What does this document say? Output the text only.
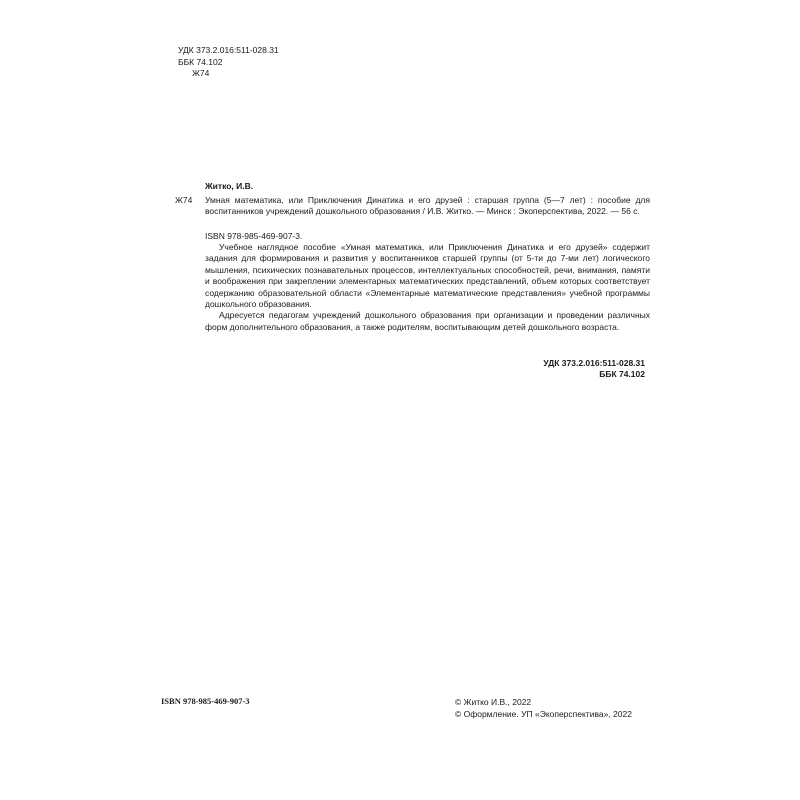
УДК 373.2.016:511-028.31
ББК 74.102
Ж74
Житко, И.В.
Ж74 Умная математика, или Приключения Динатика и его друзей : старшая группа (5—7 лет) : пособие для воспитанников учреждений дошкольного образования / И.В. Житко. — Минск : Экоперспектива, 2022. — 56 с.
ISBN 978-985-469-907-3.

Учебное наглядное пособие «Умная математика, или Приключения Динатика и его друзей» содержит задания для формирования и развития у воспитанников старшей группы (от 5-ти до 7-ми лет) логического мышления, психических познавательных процессов, интеллектуальных способностей, речи, внимания, памяти и воображения при закреплении элементарных математических представлений, объем которых соответствует содержанию образовательной области «Элементарные математические представления» учебной программы дошкольного образования.

Адресуется педагогам учреждений дошкольного образования при организации и проведении различных форм дополнительного образования, а также родителям, воспитывающим детей дошкольного возраста.

УДК 373.2.016:511-028.31
ББК 74.102
ISBN 978-985-469-907-3	© Житко И.В., 2022
© Оформление. УП «Экоперспектива», 2022
